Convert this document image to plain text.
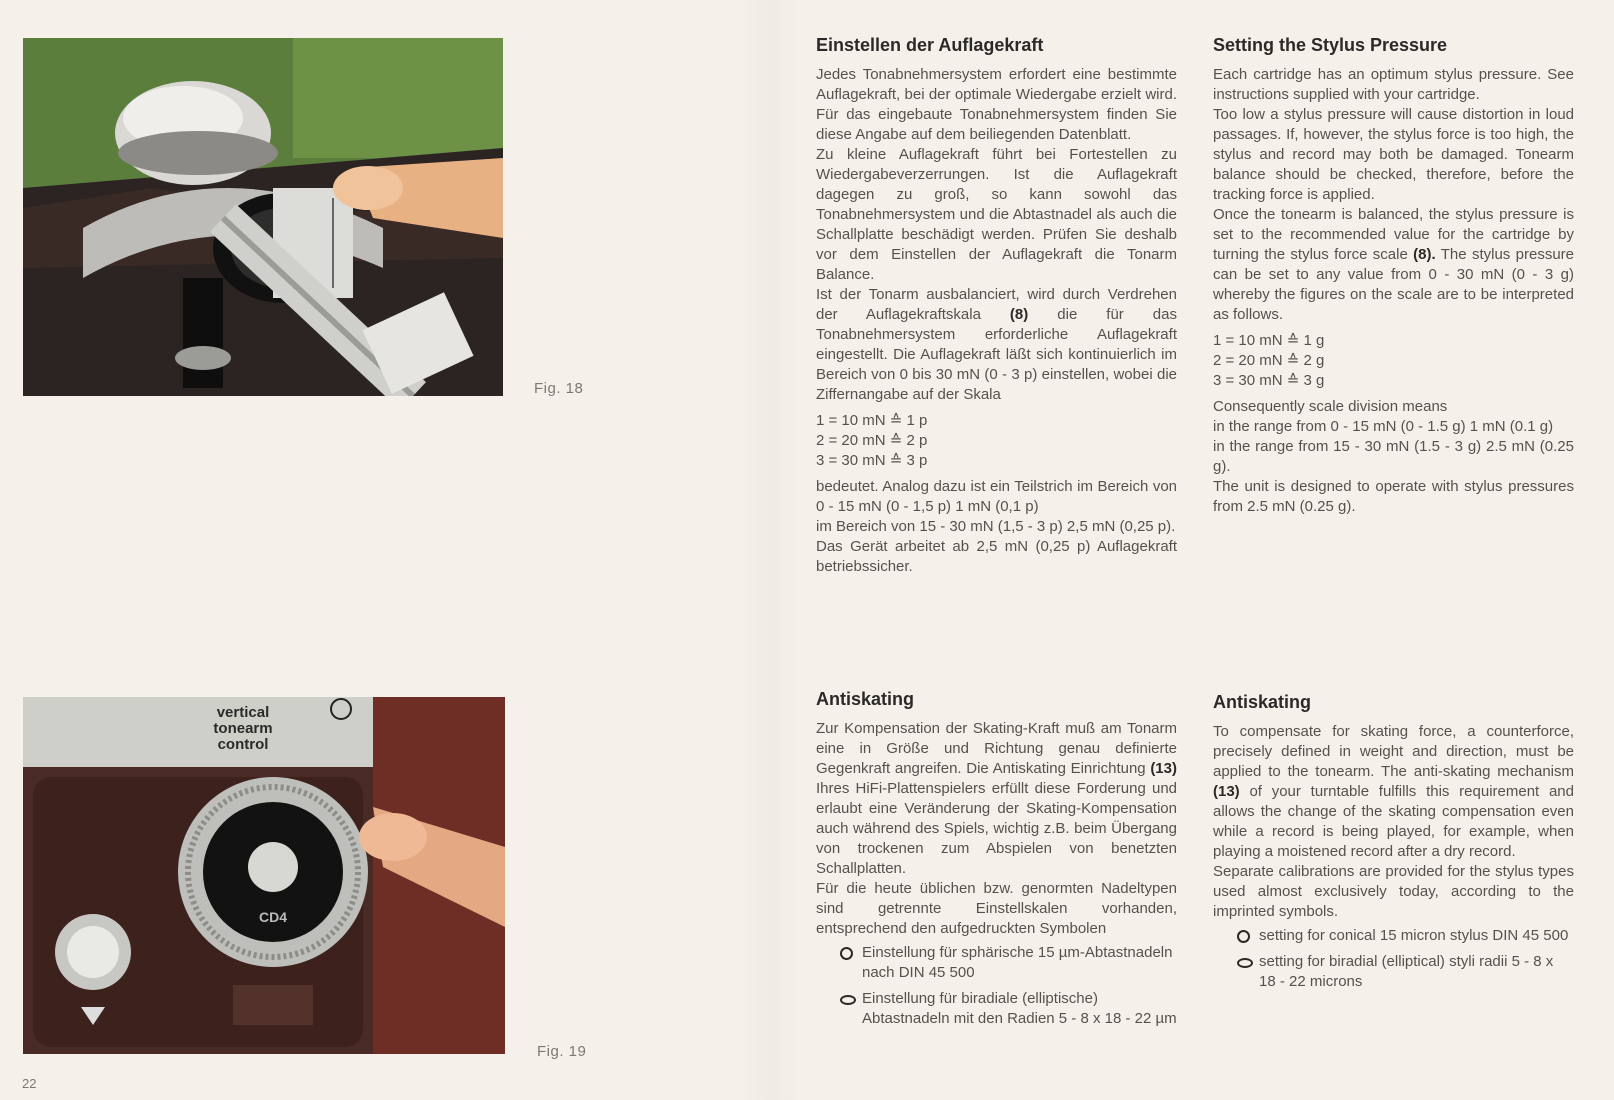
Fig. 18
vertical
tonearm
control
CD4
Fig. 19
22
Einstellen der Auflagekraft

Jedes Tonabnehmersystem erfordert eine bestimmte Auflagekraft, bei der optimale Wiedergabe erzielt wird. Für das eingebaute Tonabnehmersystem finden Sie diese Angabe auf dem beiliegenden Datenblatt.

Zu kleine Auflagekraft führt bei Fortestellen zu Wiedergabeverzerrungen. Ist die Auflagekraft dagegen zu groß, so kann sowohl das Tonabnehmersystem und die Abtastnadel als auch die Schallplatte beschädigt werden. Prüfen Sie deshalb vor dem Einstellen der Auflagekraft die Tonarm Balance.

Ist der Tonarm ausbalanciert, wird durch Verdrehen der Auflagekraftskala (8) die für das Tonabnehmersystem erforderliche Auflagekraft eingestellt. Die Auflagekraft läßt sich kontinuierlich im Bereich von 0 bis 30 mN (0 - 3 p) einstellen, wobei die Ziffernangabe auf der Skala

1 = 10 mN ≙ 1 p
2 = 20 mN ≙ 2 p
3 = 30 mN ≙ 3 p

bedeutet. Analog dazu ist ein Teilstrich im Bereich von 0 - 15 mN (0 - 1,5 p) 1 mN (0,1 p)

im Bereich von 15 - 30 mN (1,5 - 3 p) 2,5 mN (0,25 p).

Das Gerät arbeitet ab 2,5 mN (0,25 p) Auflagekraft betriebssicher.

Setting the Stylus Pressure

Each cartridge has an optimum stylus pressure. See instructions supplied with your cartridge.

Too low a stylus pressure will cause distortion in loud passages. If, however, the stylus force is too high, the stylus and record may both be damaged. Tonearm balance should be checked, therefore, before the tracking force is applied.

Once the tonearm is balanced, the stylus pressure is set to the recommended value for the cartridge by turning the stylus force scale (8). The stylus pressure can be set to any value from 0 - 30 mN (0 - 3 g) whereby the figures on the scale are to be interpreted as follows.

1 = 10 mN ≙ 1 g
2 = 20 mN ≙ 2 g
3 = 30 mN ≙ 3 g

Consequently scale division means

in the range from 0 - 15 mN (0 - 1.5 g) 1 mN (0.1 g)

in the range from 15 - 30 mN (1.5 - 3 g) 2.5 mN (0.25 g).

The unit is designed to operate with stylus pressures from 2.5 mN (0.25 g).

Antiskating

Zur Kompensation der Skating-Kraft muß am Tonarm eine in Größe und Richtung genau definierte Gegenkraft angreifen. Die Antiskating Einrichtung (13) Ihres HiFi-Plattenspielers erfüllt diese Forderung und erlaubt eine Veränderung der Skating-Kompensation auch während des Spiels, wichtig z.B. beim Übergang von trockenen zum Abspielen von benetzten Schallplatten.

Für die heute üblichen bzw. genormten Nadeltypen sind getrennte Einstellskalen vorhanden, entsprechend den aufgedruckten Symbolen

Einstellung für sphärische 15 µm-Abtastnadeln nach DIN 45 500
Einstellung für biradiale (elliptische) Abtastnadeln mit den Radien 5 - 8 x 18 - 22 µm
Antiskating

To compensate for skating force, a counterforce, precisely defined in weight and direction, must be applied to the tonearm. The anti-skating mechanism (13) of your turntable fulfills this requirement and allows the change of the skating compensation even while a record is being played, for example, when playing a moistened record after a dry record.

Separate calibrations are provided for the stylus types used almost exclusively today, according to the imprinted symbols.

setting for conical 15 micron stylus DIN 45 500
setting for biradial (elliptical) styli radii 5 - 8 x 18 - 22 microns
